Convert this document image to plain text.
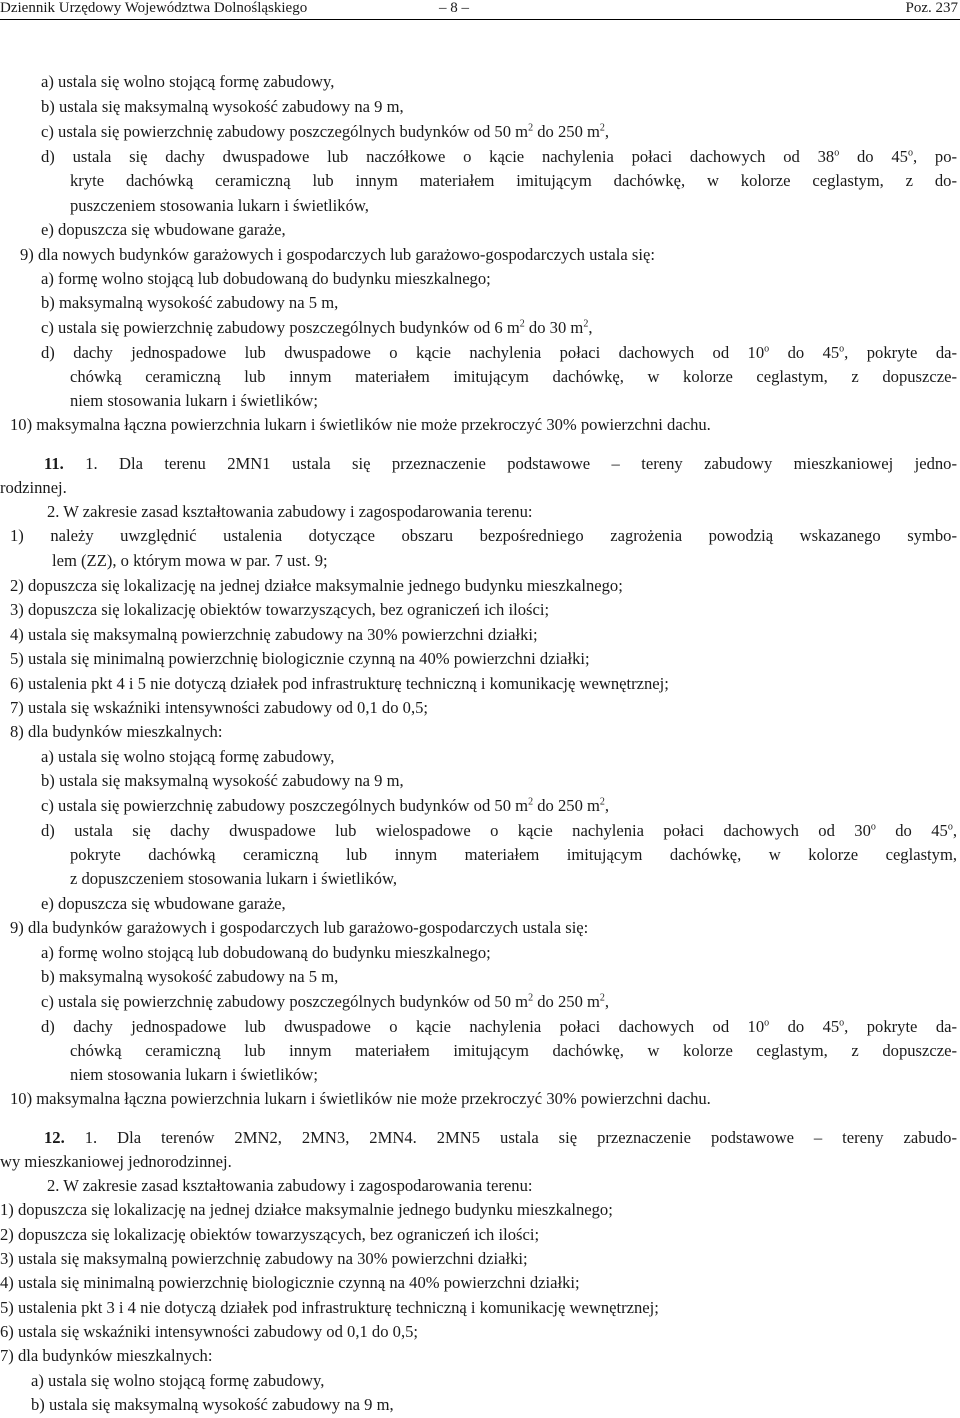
Dziennik Urzędowy Województwa Dolnośląskiego	– 8 –	Poz. 237
a) ustala się wolno stojącą formę zabudowy,
b) ustala się maksymalną wysokość zabudowy na 9 m,
c) ustala się powierzchnię zabudowy poszczególnych budynków od 50 $m^2$ do 250 $m^2$,
d) ustala się dachy dwuspadowe lub naczółkowe o kącie nachylenia połaci dachowych od 38$^o$ do 45$^o$, po-
kryte dachówką ceramiczną lub innym materiałem imitującym dachówkę, w kolorze ceglastym, z do-
puszczeniem stosowania lukarn i świetlików,
e) dopuszcza się wbudowane garaże,
9) dla nowych budynków garażowych i gospodarczych lub garażowo-gospodarczych ustala się:
a) formę wolno stojącą lub dobudowaną do budynku mieszkalnego;
b) maksymalną wysokość zabudowy na 5 m,
c) ustala się powierzchnię zabudowy poszczególnych budynków od 6 $m^2$ do 30 $m^2$,
d) dachy jednospadowe lub dwuspadowe o kącie nachylenia połaci dachowych od 10$^o$ do 45$^o$, pokryte da-
chówką ceramiczną lub innym materiałem imitującym dachówkę, w kolorze ceglastym, z dopuszcze-
niem stosowania lukarn i świetlików;
10) maksymalna łączna powierzchnia lukarn i świetlików nie może przekroczyć 30% powierzchni dachu.
11. 1. Dla terenu 2MN1 ustala się przeznaczenie podstawowe – tereny zabudowy mieszkaniowej jedno-
rodzinnej.
2. W zakresie zasad kształtowania zabudowy i zagospodarowania terenu:
1) należy uwzględnić ustalenia dotyczące obszaru bezpośredniego zagrożenia powodzią wskazanego symbo-
lem (ZZ), o którym mowa w par. 7 ust. 9;
2) dopuszcza się lokalizację na jednej działce maksymalnie jednego budynku mieszkalnego;
3) dopuszcza się lokalizację obiektów towarzyszących, bez ograniczeń ich ilości;
4) ustala się maksymalną powierzchnię zabudowy na 30% powierzchni działki;
5) ustala się minimalną powierzchnię biologicznie czynną na 40% powierzchni działki;
6) ustalenia pkt 4 i 5 nie dotyczą działek pod infrastrukturę techniczną i komunikację wewnętrznej;
7) ustala się wskaźniki intensywności zabudowy od 0,1 do 0,5;
8) dla budynków mieszkalnych:
a) ustala się wolno stojącą formę zabudowy,
b) ustala się maksymalną wysokość zabudowy na 9 m,
c) ustala się powierzchnię zabudowy poszczególnych budynków od 50 $m^2$ do 250 $m^2$,
d) ustala się dachy dwuspadowe lub wielospadowe o kącie nachylenia połaci dachowych od 30$^o$ do 45$^o$,
pokryte dachówką ceramiczną lub innym materiałem imitującym dachówkę, w kolorze ceglastym,
z dopuszczeniem stosowania lukarn i świetlików,
e) dopuszcza się wbudowane garaże,
9) dla budynków garażowych i gospodarczych lub garażowo-gospodarczych ustala się:
a) formę wolno stojącą lub dobudowaną do budynku mieszkalnego;
b) maksymalną wysokość zabudowy na 5 m,
c) ustala się powierzchnię zabudowy poszczególnych budynków od 50 $m^2$ do 250 $m^2$,
d) dachy jednospadowe lub dwuspadowe o kącie nachylenia połaci dachowych od 10$^o$ do 45$^o$, pokryte da-
chówką ceramiczną lub innym materiałem imitującym dachówkę, w kolorze ceglastym, z dopuszcze-
niem stosowania lukarn i świetlików;
10) maksymalna łączna powierzchnia lukarn i świetlików nie może przekroczyć 30% powierzchni dachu.
12. 1. Dla terenów 2MN2, 2MN3, 2MN4. 2MN5 ustala się przeznaczenie podstawowe – tereny zabudo-
wy mieszkaniowej jednorodzinnej.
2. W zakresie zasad kształtowania zabudowy i zagospodarowania terenu:
1) dopuszcza się lokalizację na jednej działce maksymalnie jednego budynku mieszkalnego;
2) dopuszcza się lokalizację obiektów towarzyszących, bez ograniczeń ich ilości;
3) ustala się maksymalną powierzchnię zabudowy na 30% powierzchni działki;
4) ustala się minimalną powierzchnię biologicznie czynną na 40% powierzchni działki;
5) ustalenia pkt 3 i 4 nie dotyczą działek pod infrastrukturę techniczną i komunikację wewnętrznej;
6) ustala się wskaźniki intensywności zabudowy od 0,1 do 0,5;
7) dla budynków mieszkalnych:
a) ustala się wolno stojącą formę zabudowy,
b) ustala się maksymalną wysokość zabudowy na 9 m,
